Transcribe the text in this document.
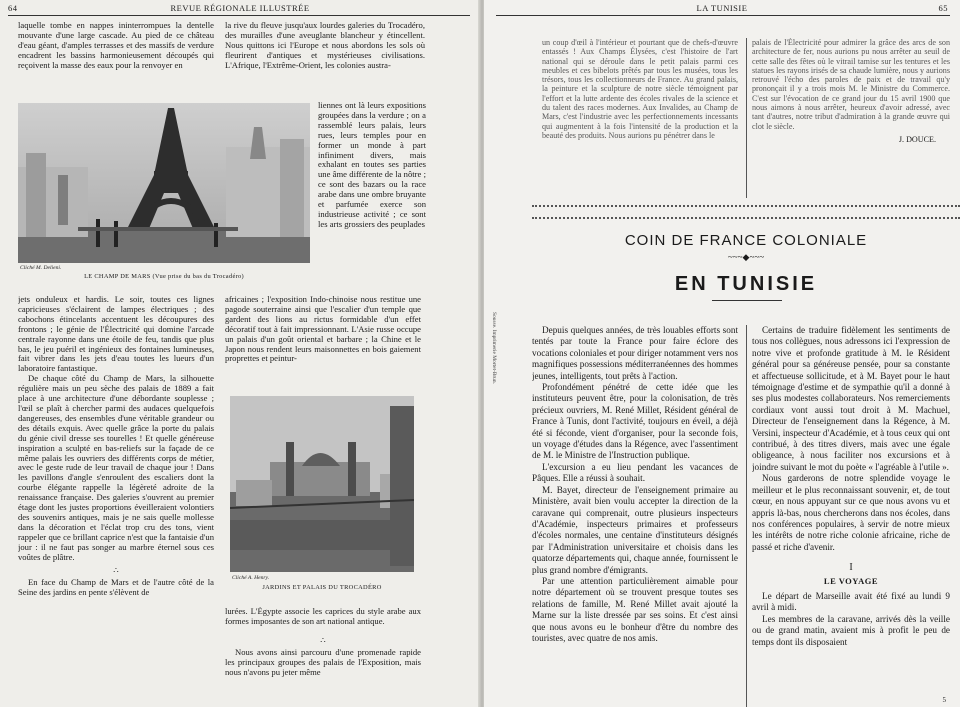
64	REVUE RÉGIONALE ILLUSTRÉE

laquelle tombe en nappes ininterrompues la dentelle mouvante d'une large cascade. Au pied de ce château d'eau géant, d'amples terrasses et des massifs de verdure encadrent les bassins harmonieusement découpés qui reçoivent la masse des eaux pour la renvoyer en

la rive du fleuve jusqu'aux lourdes galeries du Trocadéro, des murailles d'une aveuglante blancheur y étincellent. Nous quittons ici l'Europe et nous abordons les sols où fleurirent d'antiques et mystérieuses civilisations. L'Afrique, l'Extrême-Orient, les colonies austra-

Cliché M. Delieni.
LE CHAMP DE MARS (Vue prise du bas du Trocadéro)

liennes ont là leurs expositions groupées dans la verdure ; on a rassemblé leurs palais, leurs rues, leurs temples pour en former un monde à part infiniment divers, mais exhalant en toutes ses parties une âme différente de la nôtre ; ce sont des bazars ou la race arabe dans une ombre bruyante et parfumée exerce son industrieuse activité ; ce sont les arts grossiers des peuplades

jets onduleux et hardis. Le soir, toutes ces lignes capricieuses s'éclairent de lampes électriques ; des cabochons étincelants accentuent les découpures des frontons ; le génie de l'Électricité qui domine l'arcade centrale rayonne dans une étoile de feu, tandis que plus bas, le jeu puéril et ingénieux des fontaines lumineuses, fait vibrer dans les jets d'eau toutes les lueurs d'un laboratoire fantastique.

De chaque côté du Champ de Mars, la silhouette régulière mais un peu sèche des palais de 1889 a fait place à une architecture d'une débordante souplesse ; l'œil se plaît à chercher parmi des audaces quelquefois dangereuses, des ensembles d'une véritable grandeur ou des détails exquis. Avec quelle grâce la porte du palais du génie civil dresse ses tourelles ! Et quelle généreuse inspiration a sculpté en bas-reliefs sur la façade de ce même palais les ouvriers des différents corps de métier, avec le geste rude de leur travail de chaque jour ! Dans les pavillons d'angle s'enroulent des escaliers dont la courbe élégante rappelle la légèreté adroite de la renaissance française. Des galeries s'ouvrent au premier étage dont les justes proportions éveilleraient volontiers des souvenirs antiques, mais je ne sais quelle mollesse dans la décoration et l'éclat trop cru des tons, vient rappeler que ce brillant caprice n'est que la fantaisie d'un jour : il ne faut pas songer au marbre éternel sous ces voûtes de plâtre.

∴

En face du Champ de Mars et de l'autre côté de la Seine des jardins en pente s'élèvent de

africaines ; l'exposition Indo-chinoise nous restitue une pagode souterraine ainsi que l'escalier d'un temple que gardent des lions au rictus formidable d'un effet décoratif tout à fait impressionnant. L'Asie russe occupe un palais d'un goût oriental et barbare ; la Chine et le Japon nous rendent leurs maisonnettes en bois gaiement proprettes et peintur-

Cliché A. Henry.
JARDINS ET PALAIS DU TROCADÉRO

lurées. L'Égypte associe les caprices du style arabe aux formes imposantes de son art national antique.

∴

Nous avons ainsi parcouru d'une promenade rapide les principaux groupes des palais de l'Exposition, mais nous n'avons pu jeter même

LA TUNISIE	65

un coup d'œil à l'intérieur et pourtant que de chefs-d'œuvre entassés ! Aux Champs Élysées, c'est l'histoire de l'art national qui se déroule dans le petit palais parmi ces meubles et ces bibelots prêtés par tous les musées, tous les trésors, tous les collectionneurs de France. Au grand palais, la peinture et la sculpture de notre siècle témoignent par l'effort et la lutte ardente des écoles rivales de la science et du talent des races modernes. Aux Invalides, au Champ de Mars, c'est l'industrie avec les perfectionnements incessants qui augmentent à la fois l'intensité de la production et la beauté des produits. Nous aurions pu pénétrer dans le

palais de l'Électricité pour admirer la grâce des arcs de son architecture de fer, nous aurions pu nous arrêter au seuil de cette salle des fêtes où le vitrail tamise sur les tentures et les statues les rayons irisés de sa chaude lumière, nous y aurions retrouvé l'écho des paroles de paix et de travail qu'y prononçait il y a trois mois M. le Ministre du Commerce. C'est sur l'évocation de ce grand jour du 15 avril 1900 que nous aimons à nous arrêter, heureux d'avoir adressé, avec tant d'autres, notre tribut d'admiration à la grande œuvre qui clot le siècle.

J. DOUCE.

Sousse. Imprimerie Mortet-Brun.
COIN DE FRANCE COLONIALE
~~~◆~~~
EN TUNISIE

Depuis quelques années, de très louables efforts sont tentés par toute la France pour faire éclore des vocations coloniales et pour diriger notamment vers nos magnifiques possessions méditerranéennes des hommes jeunes, intelligents, tout prêts à l'action.

Profondément pénétré de cette idée que les instituteurs peuvent être, pour la colonisation, de très précieux ouvriers, M. René Millet, Résident général de France à Tunis, dont l'activité, toujours en éveil, a déjà été si féconde, vient d'organiser, pour la seconde fois, un voyage d'études dans la Régence, avec l'assentiment de M. le Ministre de l'Instruction publique.

L'excursion a eu lieu pendant les vacances de Pâques. Elle a réussi à souhait.

M. Bayet, directeur de l'enseignement primaire au Ministère, avait bien voulu accepter la direction de la caravane qui comprenait, outre plusieurs inspecteurs d'Académie, inspecteurs primaires et professeurs d'écoles normales, une centaine d'instituteurs désignés par l'Administration universitaire et choisis dans les quatorze départements qui, chaque année, fournissent le plus grand nombre d'émigrants.

Par une attention particulièrement aimable pour notre département où se trouvent presque toutes ses relations de famille, M. René Millet avait ajouté la Marne sur la liste dressée par ses soins. Et c'est ainsi que nous avons eu le bonheur d'être du nombre des touristes, avec quatre de nos amis.

Certains de traduire fidèlement les sentiments de tous nos collègues, nous adressons ici l'expression de notre vive et profonde gratitude à M. le Résident général pour sa généreuse pensée, pour sa constante et affectueuse sollicitude, et à M. Bayet pour le haut témoignage d'estime et de sympathie qu'il a donné à ses plus modestes collaborateurs. Nos remerciements cordiaux vont aussi tout droit à M. Machuel, Directeur de l'enseignement dans la Régence, à M. Versini, inspecteur d'Académie, et à tous ceux qui ont contribué, à des titres divers, mais avec une égale obligeance, à nous faciliter nos excursions et à joindre suivant le mot du poète « l'agréable à l'utile ».

Nous garderons de notre splendide voyage le meilleur et le plus reconnaissant souvenir, et, de tout cœur, en nous appuyant sur ce que nous avons vu et appris là-bas, nous chercherons dans nos écoles, dans nos conférences populaires, à servir de notre mieux les intérêts de notre riche colonie africaine, riche de passé et riche d'avenir.

I

LE VOYAGE

Le départ de Marseille avait été fixé au lundi 9 avril à midi.

Les membres de la caravane, arrivés dès la veille ou de grand matin, avaient mis à profit le peu de temps dont ils disposaient

5
